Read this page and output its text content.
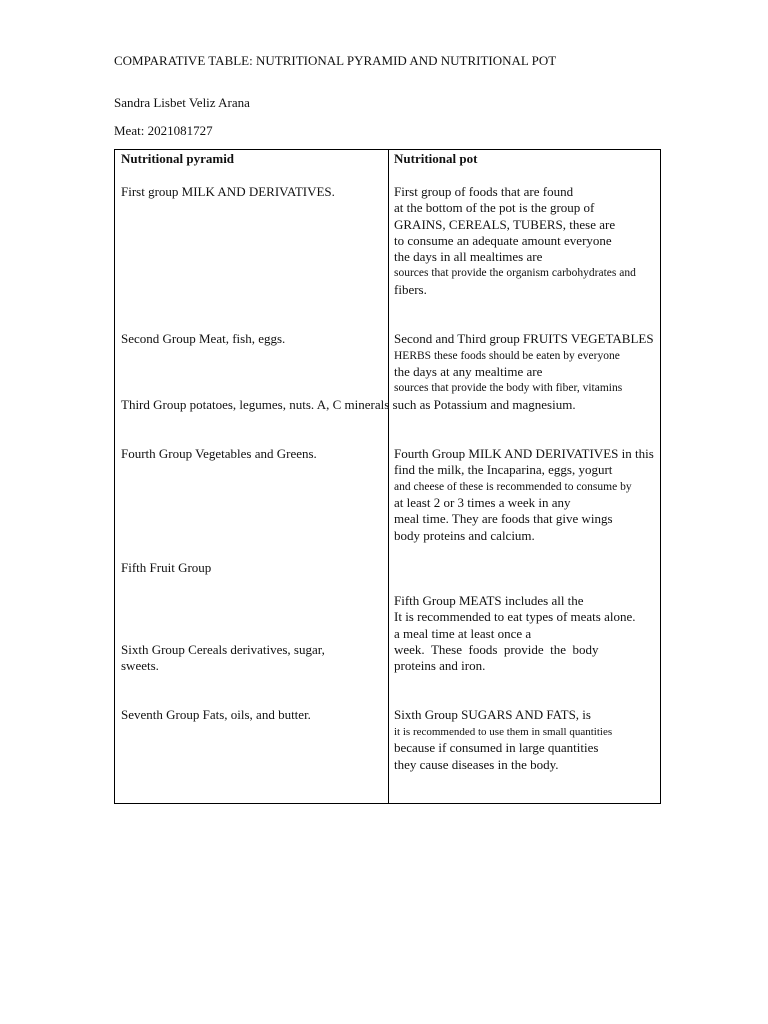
COMPARATIVE TABLE: NUTRITIONAL PYRAMID AND NUTRITIONAL POT
Sandra Lisbet Veliz Arana
Meat: 2021081727
Nutritional pyramid	Nutritional pot
First group MILK AND DERIVATIVES.
Second Group Meat, fish, eggs.
Third Group potatoes, legumes, nuts. A, C minerals such as Potassium and magnesium.
Fourth Group Vegetables and Greens.
Fifth Fruit Group
Sixth Group Cereals derivatives, sugar,
sweets.
Seventh Group Fats, oils, and butter.
First group of foods that are found
at the bottom of the pot is the group of
GRAINS, CEREALS, TUBERS, these are
to consume an adequate amount everyone
the days in all mealtimes are
sources that provide the organism carbohydrates and
fibers.
Second and Third group FRUITS VEGETABLES
HERBS these foods should be eaten by everyone
the days at any mealtime are
sources that provide the body with fiber, vitamins
Fourth Group MILK AND DERIVATIVES in this
find the milk, the Incaparina, eggs, yogurt
and cheese of these is recommended to consume by
at least 2 or 3 times a week in any
meal time. They are foods that give wings
body proteins and calcium.
Fifth Group MEATS includes all the
It is recommended to eat types of meats alone.
a meal time at least once a
week.  These  foods  provide  the  body
proteins and iron.
Sixth Group SUGARS AND FATS, is
it is recommended to use them in small quantities
because if consumed in large quantities
they cause diseases in the body.
